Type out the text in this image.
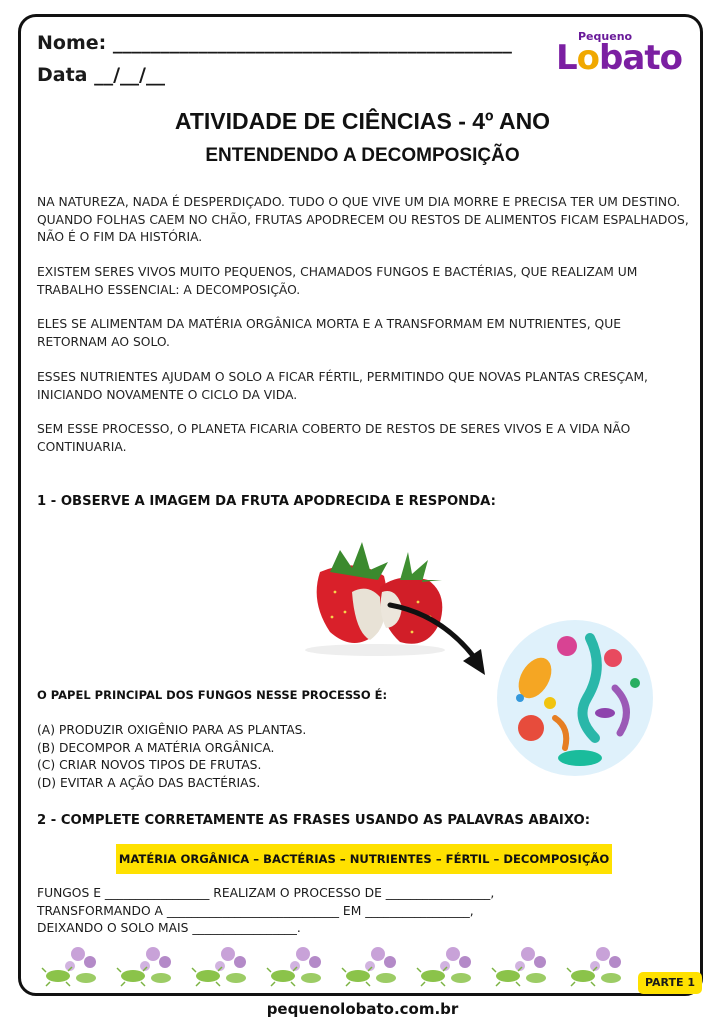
Nome: __________________________________________
Data __/__/__
Pequeno
Lobato
ATIVIDADE DE CIÊNCIAS - 4º ANO
ENTENDENDO A DECOMPOSIÇÃO
NA NATUREZA, NADA É DESPERDIÇADO. TUDO O QUE VIVE UM DIA MORRE E PRECISA TER UM DESTINO.
QUANDO FOLHAS CAEM NO CHÃO, FRUTAS APODRECEM OU RESTOS DE ALIMENTOS FICAM ESPALHADOS,
NÃO É O FIM DA HISTÓRIA.
EXISTEM SERES VIVOS MUITO PEQUENOS, CHAMADOS FUNGOS E BACTÉRIAS, QUE REALIZAM UM
TRABALHO ESSENCIAL: A DECOMPOSIÇÃO.
ELES SE ALIMENTAM DA MATÉRIA ORGÂNICA MORTA E A TRANSFORMAM EM NUTRIENTES, QUE
RETORNAM AO SOLO.
ESSES NUTRIENTES AJUDAM O SOLO A FICAR FÉRTIL, PERMITINDO QUE NOVAS PLANTAS CRESÇAM,
INICIANDO NOVAMENTE O CICLO DA VIDA.
SEM ESSE PROCESSO, O PLANETA FICARIA COBERTO DE RESTOS DE SERES VIVOS E A VIDA NÃO
CONTINUARIA.
1 - OBSERVE A IMAGEM DA FRUTA APODRECIDA E RESPONDA:
O PAPEL PRINCIPAL DOS FUNGOS NESSE PROCESSO É:
(A) PRODUZIR OXIGÊNIO PARA AS PLANTAS.
(B) DECOMPOR A MATÉRIA ORGÂNICA.
(C) CRIAR NOVOS TIPOS DE FRUTAS.
(D) EVITAR A AÇÃO DAS BACTÉRIAS.
2 - COMPLETE CORRETAMENTE AS FRASES USANDO AS PALAVRAS ABAIXO:
MATÉRIA ORGÂNICA – BACTÉRIAS – NUTRIENTES – FÉRTIL – DECOMPOSIÇÃO
FUNGOS E _________________ REALIZAM O PROCESSO DE _________________,
TRANSFORMANDO A ____________________________ EM _________________,
DEIXANDO O SOLO MAIS _________________.
PARTE 1
pequenolobato.com.br
